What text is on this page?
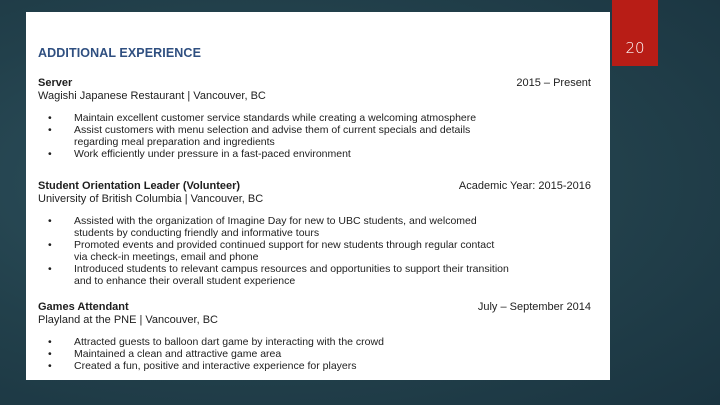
20
ADDITIONAL EXPERIENCE
Server	2015 – Present
Wagishi Japanese Restaurant | Vancouver, BC
• Maintain excellent customer service standards while creating a welcoming atmosphere
• Assist customers with menu selection and advise them of current specials and details
regarding meal preparation and ingredients
• Work efficiently under pressure in a fast-paced environment
Student Orientation Leader (Volunteer)	Academic Year: 2015-2016
University of British Columbia | Vancouver, BC
• Assisted with the organization of Imagine Day for new to UBC students, and welcomed
students by conducting friendly and informative tours
• Promoted events and provided continued support for new students through regular contact
via check-in meetings, email and phone
• Introduced students to relevant campus resources and opportunities to support their transition
and to enhance their overall student experience
Games Attendant	July – September 2014
Playland at the PNE | Vancouver, BC
• Attracted guests to balloon dart game by interacting with the crowd
• Maintained a clean and attractive game area
• Created a fun, positive and interactive experience for players
